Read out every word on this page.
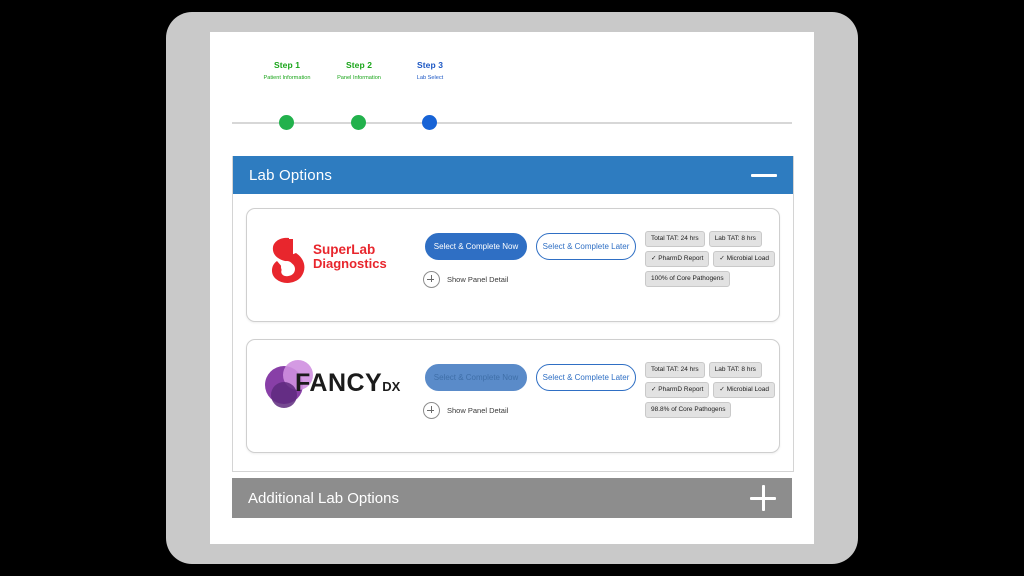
Step 1
Patient Information
Step 2
Panel Information
Step 3
Lab Select
Lab Options
SuperLab
Diagnostics
Select & Complete Now	Select & Complete Later
Show Panel Detail
Total TAT: 24 hrs	Lab TAT: 8 hrs
✓ PharmD Report	✓ Microbial Load
100% of Core Pathogens
FANCYDX
Select & Complete Now	Select & Complete Later
Show Panel Detail
Total TAT: 24 hrs	Lab TAT: 8 hrs
✓ PharmD Report	✓ Microbial Load
98.8% of Core Pathogens
Additional Lab Options
